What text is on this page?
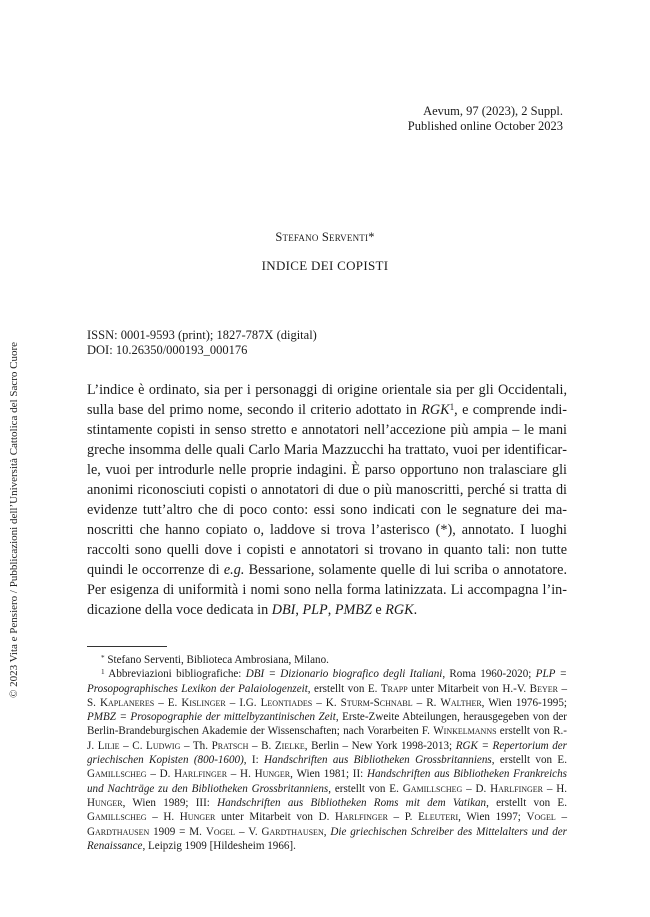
© 2023 Vita e Pensiero / Pubblicazioni dell’Università Cattolica del Sacro Cuore
Aevum, 97 (2023), 2 Suppl.
Published online October 2023
Stefano Serventi*
INDICE DEI COPISTI
ISSN: 0001-9593 (print); 1827-787X (digital)
DOI: 10.26350/000193_000176

L’indice è ordinato, sia per i personaggi di origine orientale sia per gli Occidentali, sulla base del primo nome, secondo il criterio adottato in RGK$^1$, e comprende indistintamente copisti in senso stretto e annotatori nell’accezione più ampia – le mani greche insomma delle quali Carlo Maria Mazzucchi ha trattato, vuoi per identificarle, vuoi per introdurle nelle proprie indagini. È parso opportuno non tralasciare gli anonimi riconosciuti copisti o annotatori di due o più manoscritti, perché si tratta di evidenze tutt’altro che di poco conto: essi sono indicati con le segnature dei manoscritti che hanno copiato o, laddove si trova l’asterisco (*), annotato. I luoghi raccolti sono quelli dove i copisti e annotatori si trovano in quanto tali: non tutte quindi le occorrenze di e.g. Bessarione, solamente quelle di lui scriba o annotatore. Per esigenza di uniformità i nomi sono nella forma latinizzata. Li accompagna l’indicazione della voce dedicata in DBI, PLP, PMBZ e RGK.

* Stefano Serventi, Biblioteca Ambrosiana, Milano.

$^1$ Abbreviazioni bibliografiche: DBI = Dizionario biografico degli Italiani, Roma 1960-2020; PLP = Prosopographisches Lexikon der Palaiologenzeit, erstellt von E. Trapp unter Mitarbeit von H.-V. Beyer – S. Kaplaneres – E. Kislinger – I.G. Leontiades – K. Sturm-Schnabl – R. Walther, Wien 1976-1995; PMBZ = Prosopographie der mittelbyzantinischen Zeit, Erste-Zweite Abteilungen, herausgegeben von der Berlin-Brandeburgischen Akademie der Wissenschaften; nach Vorarbeiten F. Winkelmanns erstellt von R.-J. Lilie – C. Ludwig – Th. Pratsch – B. Zielke, Berlin – New York 1998-2013; RGK = Repertorium der griechischen Kopisten (800-1600), I: Handschriften aus Bibliotheken Grossbritanniens, erstellt von E. Gamillscheg – D. Harlfinger – H. Hunger, Wien 1981; II: Handschriften aus Bibliotheken Frankreichs und Nachträge zu den Bibliotheken Grossbritanniens, erstellt von E. Gamillscheg – D. Harlfinger – H. Hunger, Wien 1989; III: Handschriften aus Bibliotheken Roms mit dem Vatikan, erstellt von E. Gamillscheg – H. Hunger unter Mitarbeit von D. Harlfinger – P. Eleuteri, Wien 1997; Vogel – Gardthausen 1909 = M. Vogel – V. Gardthausen, Die griechischen Schreiber des Mittelalters und der Renaissance, Leipzig 1909 [Hildesheim 1966].
